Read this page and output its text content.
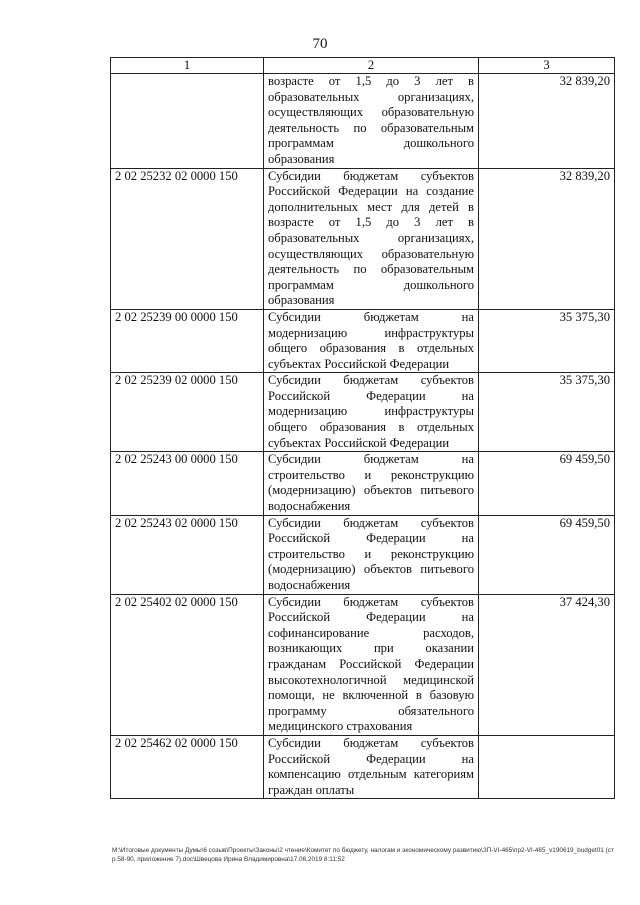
70
1	2	3
	возрасте от 1,5 до 3 лет в образовательных организациях, осуществляющих образовательную деятельность по образовательным программам дошкольного образования	32 839,20
2 02 25232 02 0000 150	Субсидии бюджетам субъектов Российской Федерации на создание дополнительных мест для детей в возрасте от 1,5 до 3 лет в образовательных организациях, осуществляющих образовательную деятельность по образовательным программам дошкольного образования	32 839,20
2 02 25239 00 0000 150	Субсидии бюджетам на модернизацию инфраструктуры общего образования в отдельных субъектах Российской Федерации	35 375,30
2 02 25239 02 0000 150	Субсидии бюджетам субъектов Российской Федерации на модернизацию инфраструктуры общего образования в отдельных субъектах Российской Федерации	35 375,30
2 02 25243 00 0000 150	Субсидии бюджетам на строительство и реконструкцию (модернизацию) объектов питьевого водоснабжения	69 459,50
2 02 25243 02 0000 150	Субсидии бюджетам субъектов Российской Федерации на строительство и реконструкцию (модернизацию) объектов питьевого водоснабжения	69 459,50
2 02 25402 02 0000 150	Субсидии бюджетам субъектов Российской Федерации на софинансирование расходов, возникающих при оказании гражданам Российской Федерации высокотехнологичной медицинской помощи, не включенной в базовую программу обязательного медицинского страхования	37 424,30
2 02 25462 02 0000 150	Субсидии бюджетам субъектов Российской Федерации на компенсацию отдельным категориям граждан оплаты	
М:\Итоговые документы Думы\6 созыв\Проекты\Законы\2 чтение\Комитет по бюджету, налогам и экономическому развитию\ЗП-VI-465\пр2-VI-465_v190619_budget01 (стр.58-90, приложение 7).doc\Швецова Ирина Владимировна\17.06.2019 8:11:52
